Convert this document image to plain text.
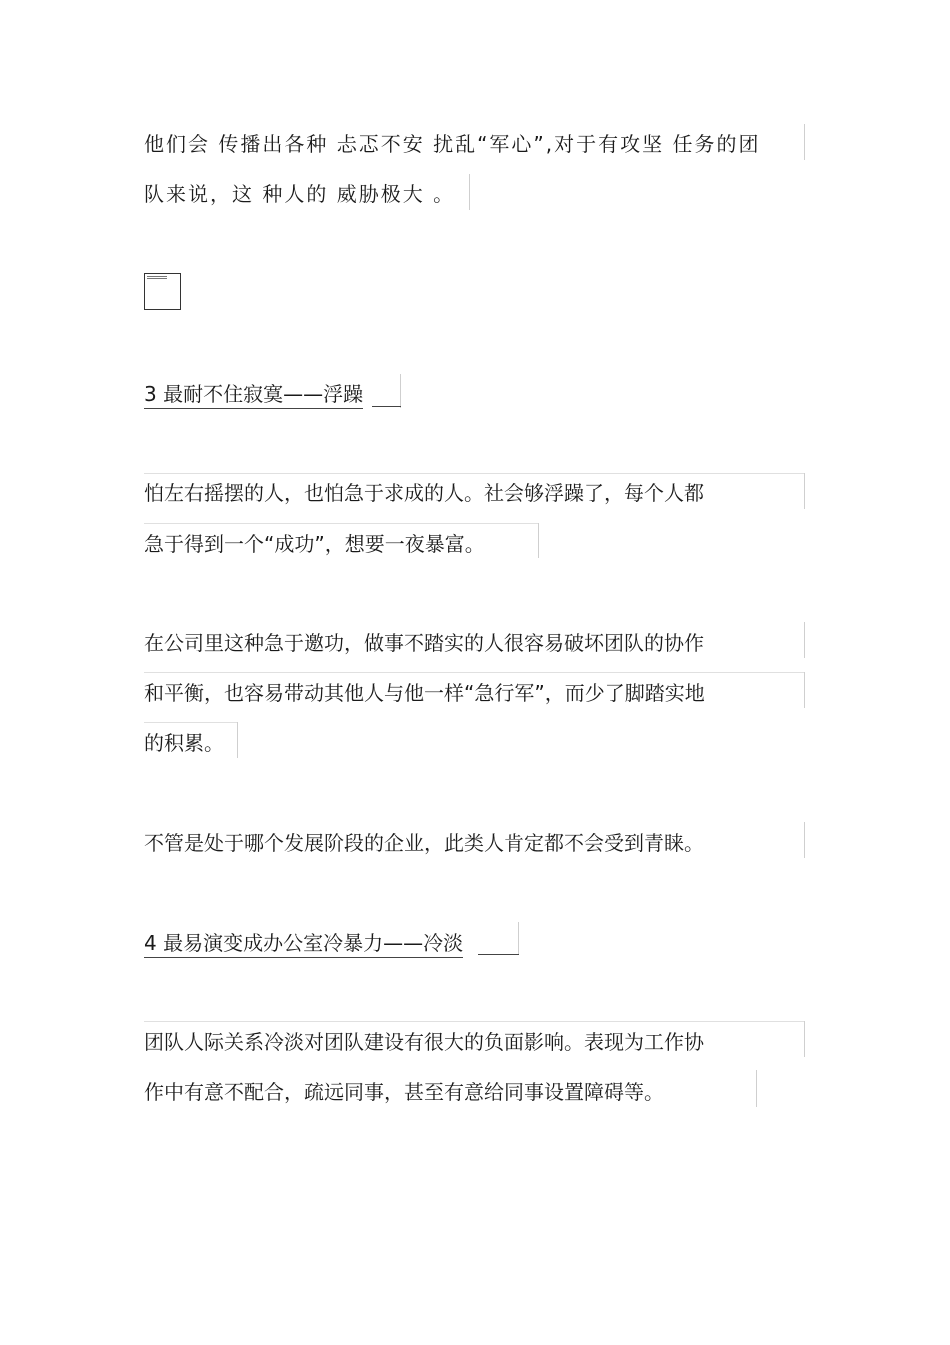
他们会 传播出各种 忐忑不安 扰乱“军心”,对于有攻坚 任务的团
队来说，这 种人的 威胁极大 。
3 最耐不住寂寞——浮躁
怕左右摇摆的人，也怕急于求成的人。社会够浮躁了，每个人都
急于得到一个“成功”，想要一夜暴富。
在公司里这种急于邀功，做事不踏实的人很容易破坏团队的协作
和平衡，也容易带动其他人与他一样“急行军”，而少了脚踏实地
的积累。
不管是处于哪个发展阶段的企业，此类人肯定都不会受到青睐。
4 最易演变成办公室冷暴力——冷淡
团队人际关系冷淡对团队建设有很大的负面影响。表现为工作协
作中有意不配合，疏远同事，甚至有意给同事设置障碍等。
